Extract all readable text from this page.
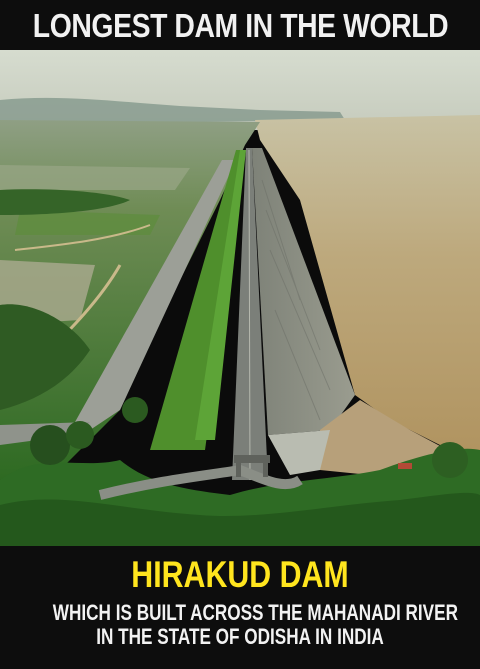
LONGEST DAM IN THE WORLD
HIRAKUD DAM
WHICH IS BUILT ACROSS THE MAHANADI RIVER
IN THE STATE OF ODISHA IN INDIA
